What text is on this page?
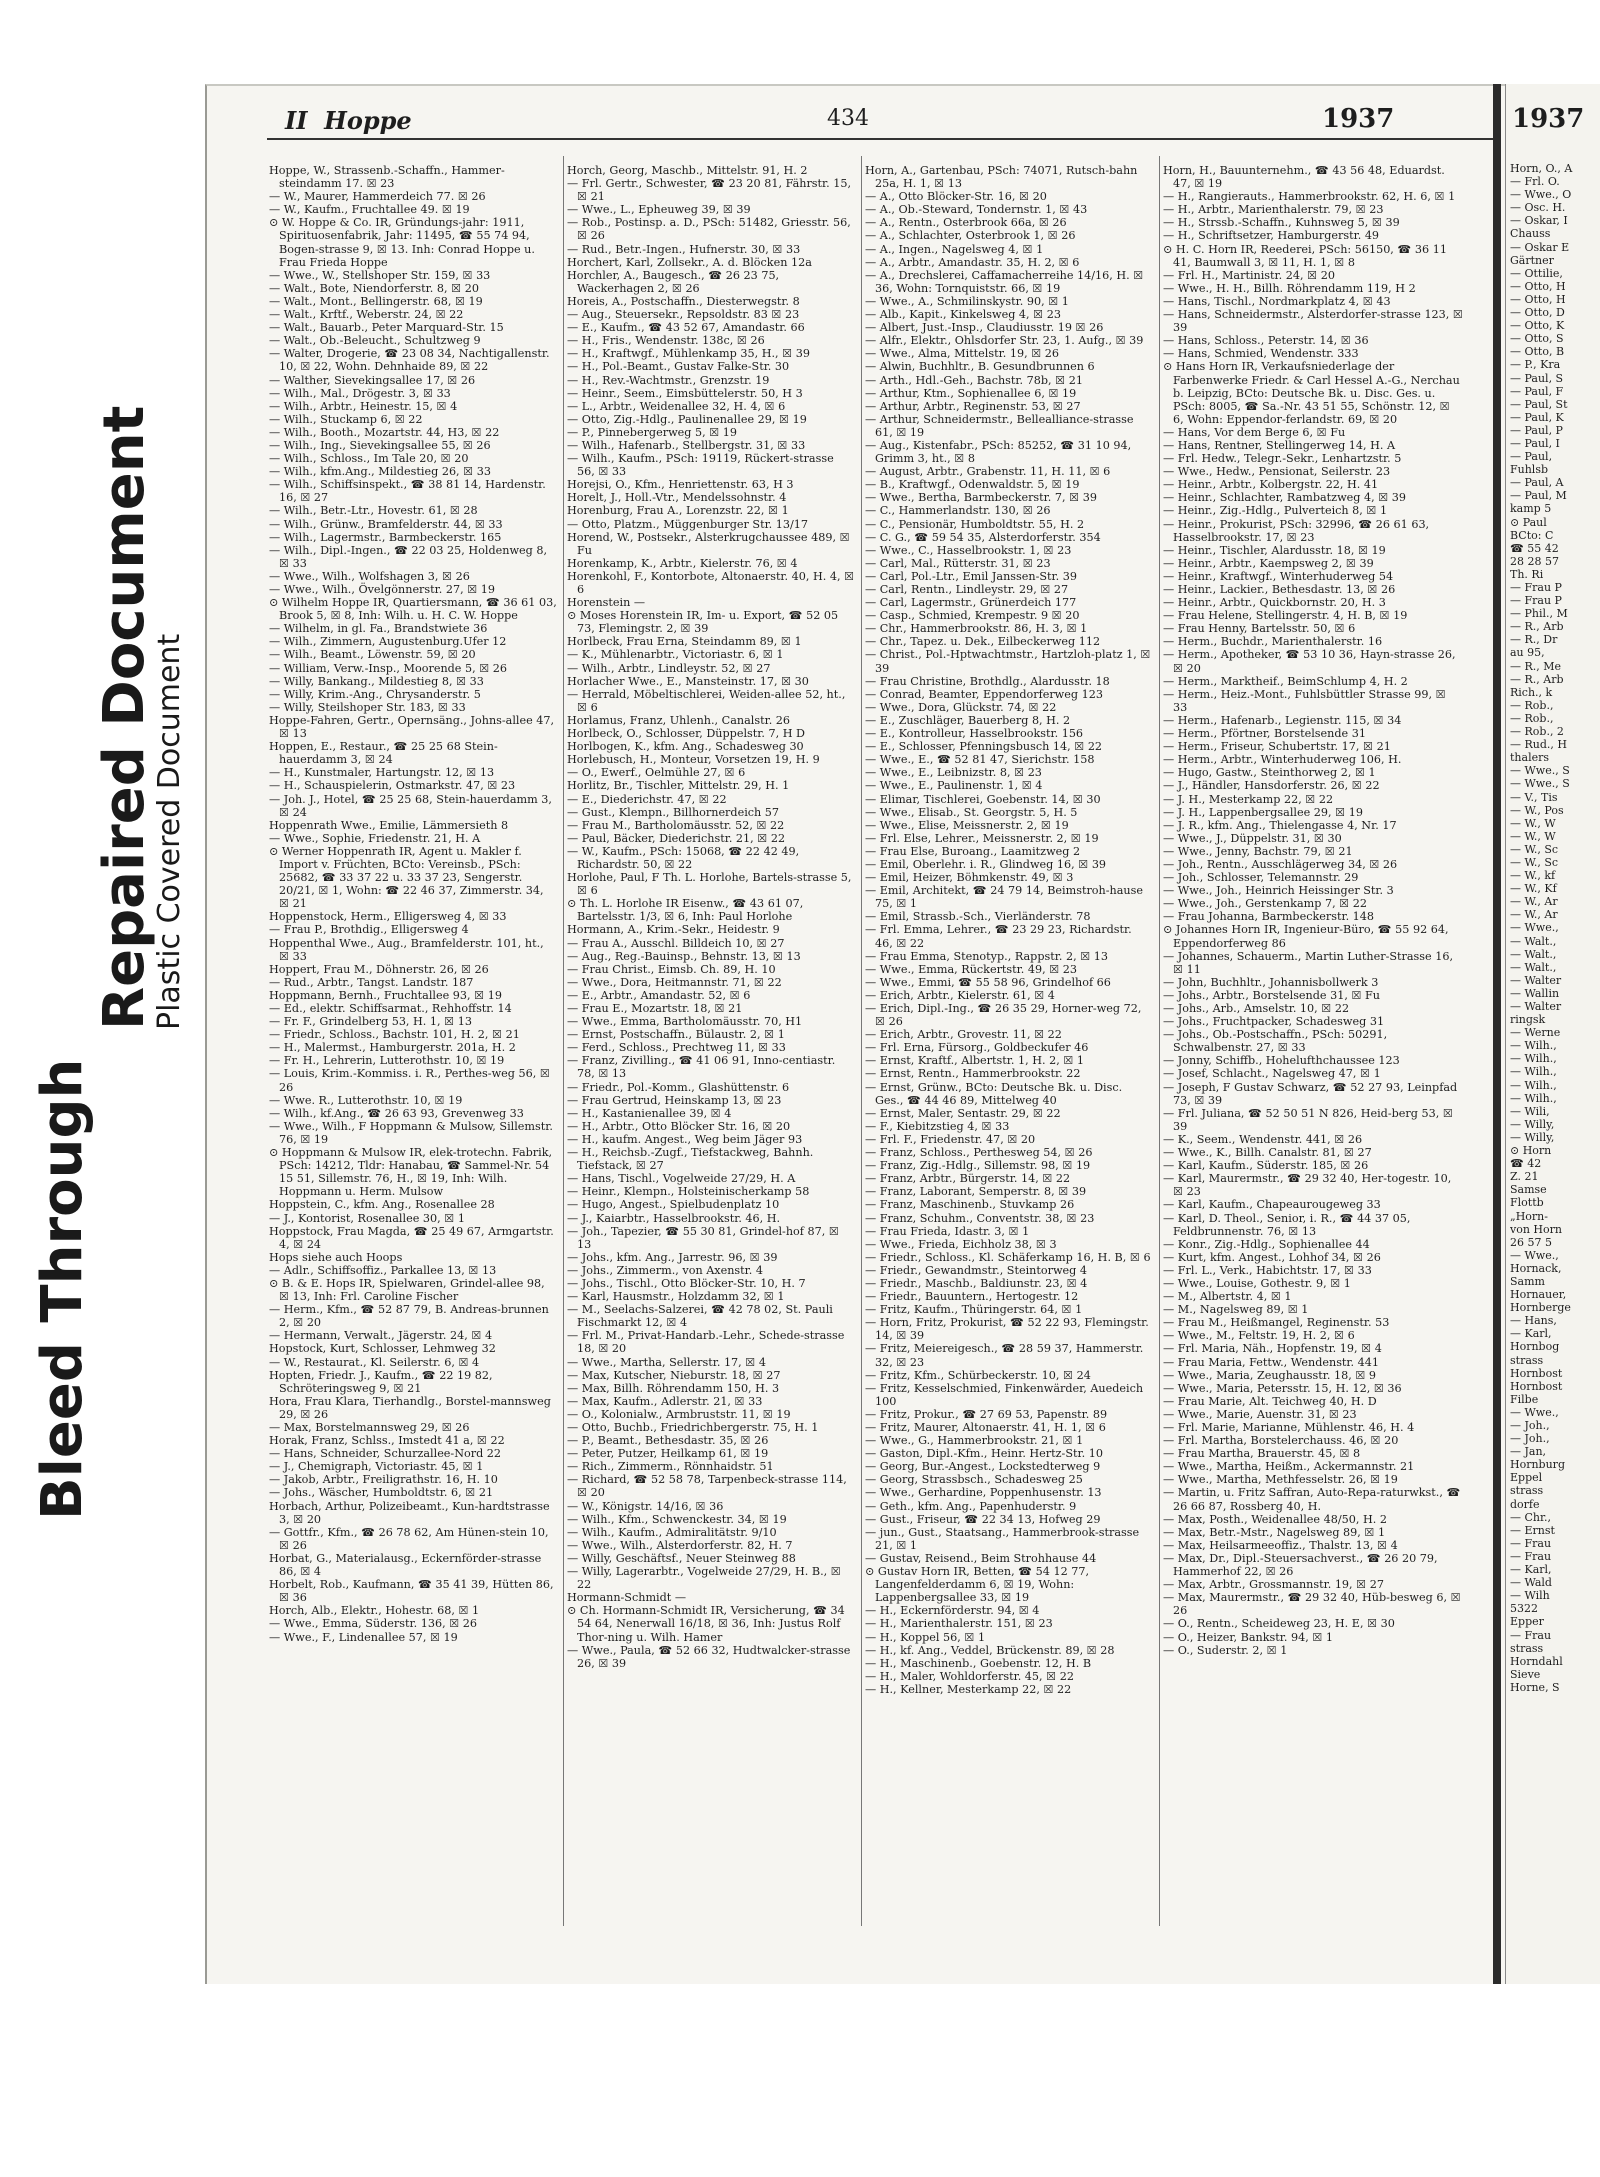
Bleed Through
Repaired Document
Plastic Covered Document
II Hoppe	434	1937
Hoppe, W., Strassenb.-Schaffn., Hammer-steindamm 17. ☒ 23
— W., Maurer, Hammerdeich 77. ☒ 26
— W., Kaufm., Fruchtallee 49. ☒ 19
⊙ W. Hoppe & Co. IR, Gründungs-jahr: 1911, Spirituosenfabrik, Jahr: 11495, ☎ 55 74 94, Bogen-strasse 9, ☒ 13. Inh: Conrad Hoppe u. Frau Frieda Hoppe
— Wwe., W., Stellshoper Str. 159, ☒ 33
— Walt., Bote, Niendorferstr. 8, ☒ 20
— Walt., Mont., Bellingerstr. 68, ☒ 19
— Walt., Krftf., Weberstr. 24, ☒ 22
— Walt., Bauarb., Peter Marquard-Str. 15
— Walt., Ob.-Beleucht., Schultzweg 9
— Walter, Drogerie, ☎ 23 08 34, Nachtigallenstr. 10, ☒ 22, Wohn. Dehnhaide 89, ☒ 22
— Walther, Sievekingsallee 17, ☒ 26
— Wilh., Mal., Drögestr. 3, ☒ 33
— Wilh., Arbtr., Heinestr. 15, ☒ 4
— Wilh., Stuckamp 6, ☒ 22
— Wilh., Booth., Mozartstr. 44, H3, ☒ 22
— Wilh., Ing., Sievekingsallee 55, ☒ 26
— Wilh., Schloss., Im Tale 20, ☒ 20
— Wilh., kfm.Ang., Mildestieg 26, ☒ 33
— Wilh., Schiffsinspekt., ☎ 38 81 14, Hardenstr. 16, ☒ 27
— Wilh., Betr.-Ltr., Hovestr. 61, ☒ 28
— Wilh., Grünw., Bramfelderstr. 44, ☒ 33
— Wilh., Lagermstr., Barmbeckerstr. 165
— Wilh., Dipl.-Ingen., ☎ 22 03 25, Holdenweg 8, ☒ 33
— Wwe., Wilh., Wolfshagen 3, ☒ 26
— Wwe., Wilh., Övelgönnerstr. 27, ☒ 19
⊙ Wilhelm Hoppe IR, Quartiersmann, ☎ 36 61 03, Brook 5, ☒ 8, Inh: Wilh. u. H. C. W. Hoppe
— Wilhelm, in gl. Fa., Brandstwiete 36
— Wilh., Zimmern, Augustenburg.Ufer 12
— Wilh., Beamt., Löwenstr. 59, ☒ 20
— William, Verw.-Insp., Moorende 5, ☒ 26
— Willy, Bankang., Mildestieg 8, ☒ 33
— Willy, Krim.-Ang., Chrysanderstr. 5
— Willy, Steilshoper Str. 183, ☒ 33
Hoppe-Fahren, Gertr., Opernsäng., Johns-allee 47, ☒ 13
Hoppen, E., Restaur., ☎ 25 25 68 Stein-hauerdamm 3, ☒ 24
— H., Kunstmaler, Hartungstr. 12, ☒ 13
— H., Schauspielerin, Ostmarkstr. 47, ☒ 23
— Joh. J., Hotel, ☎ 25 25 68, Stein-hauerdamm 3, ☒ 24
Hoppenrath Wwe., Emilie, Lämmersieth 8
— Wwe., Sophie, Friedenstr. 21, H. A
⊙ Werner Hoppenrath IR, Agent u. Makler f. Import v. Früchten, BCto: Vereinsb., PSch: 25682, ☎ 33 37 22 u. 33 37 23, Sengerstr. 20/21, ☒ 1, Wohn: ☎ 22 46 37, Zimmerstr. 34, ☒ 21
Hoppenstock, Herm., Elligersweg 4, ☒ 33
— Frau P., Brothdig., Elligersweg 4
Hoppenthal Wwe., Aug., Bramfelderstr. 101, ht., ☒ 33
Hoppert, Frau M., Döhnerstr. 26, ☒ 26
— Rud., Arbtr., Tangst. Landstr. 187
Hoppmann, Bernh., Fruchtallee 93, ☒ 19
— Ed., elektr. Schiffsarmat., Rehhoffstr. 14
— Fr. F., Grindelberg 53, H. 1, ☒ 13
— Friedr., Schloss., Bachstr. 101, H. 2, ☒ 21
— H., Malermst., Hamburgerstr. 201a, H. 2
— Fr. H., Lehrerin, Lutterothstr. 10, ☒ 19
— Louis, Krim.-Kommiss. i. R., Perthes-weg 56, ☒ 26
— Wwe. R., Lutterothstr. 10, ☒ 19
— Wilh., kf.Ang., ☎ 26 63 93, Grevenweg 33
— Wwe., Wilh., F Hoppmann & Mulsow, Sillemstr. 76, ☒ 19
⊙ Hoppmann & Mulsow IR, elek-trotechn. Fabrik, PSch: 14212, Tldr: Hanabau, ☎ Sammel-Nr. 54 15 51, Sillemstr. 76, H., ☒ 19, Inh: Wilh. Hoppmann u. Herm. Mulsow
Hoppstein, C., kfm. Ang., Rosenallee 28
— J., Kontorist, Rosenallee 30, ☒ 1
Hoppstock, Frau Magda, ☎ 25 49 67, Armgartstr. 4, ☒ 24
Hops siehe auch Hoops
— Adlr., Schiffsoffiz., Parkallee 13, ☒ 13
⊙ B. & E. Hops IR, Spielwaren, Grindel-allee 98, ☒ 13, Inh: Frl. Caroline Fischer
— Herm., Kfm., ☎ 52 87 79, B. Andreas-brunnen 2, ☒ 20
— Hermann, Verwalt., Jägerstr. 24, ☒ 4
Hopstock, Kurt, Schlosser, Lehmweg 32
— W., Restaurat., Kl. Seilerstr. 6, ☒ 4
Hopten, Friedr. J., Kaufm., ☎ 22 19 82, Schröteringsweg 9, ☒ 21
Hora, Frau Klara, Tierhandlg., Borstel-mannsweg 29, ☒ 26
— Max, Borstelmannsweg 29, ☒ 26
Horak, Franz, Schlss., Imstedt 41 a, ☒ 22
— Hans, Schneider, Schurzallee-Nord 22
— J., Chemigraph, Victoriastr. 45, ☒ 1
— Jakob, Arbtr., Freiligrathstr. 16, H. 10
— Johs., Wäscher, Humboldtstr. 6, ☒ 21
Horbach, Arthur, Polizeibeamt., Kun-hardtstrasse 3, ☒ 20
— Gottfr., Kfm., ☎ 26 78 62, Am Hünen-stein 10, ☒ 26
Horbat, G., Materialausg., Eckernförder-strasse 86, ☒ 4
Horbelt, Rob., Kaufmann, ☎ 35 41 39, Hütten 86, ☒ 36
Horch, Alb., Elektr., Hohestr. 68, ☒ 1
— Wwe., Emma, Süderstr. 136, ☒ 26
— Wwe., F., Lindenallee 57, ☒ 19
Horch, Georg, Maschb., Mittelstr. 91, H. 2
— Frl. Gertr., Schwester, ☎ 23 20 81, Fährstr. 15, ☒ 21
— Wwe., L., Epheuweg 39, ☒ 39
— Rob., Postinsp. a. D., PSch: 51482, Griesstr. 56, ☒ 26
— Rud., Betr.-Ingen., Hufnerstr. 30, ☒ 33
Horchert, Karl, Zollsekr., A. d. Blöcken 12a
Horchler, A., Baugesch., ☎ 26 23 75, Wackerhagen 2, ☒ 26
Horeis, A., Postschaffn., Diesterwegstr. 8
— Aug., Steuersekr., Repsoldstr. 83 ☒ 23
— E., Kaufm., ☎ 43 52 67, Amandastr. 66
— H., Fris., Wendenstr. 138c, ☒ 26
— H., Kraftwgf., Mühlenkamp 35, H., ☒ 39
— H., Pol.-Beamt., Gustav Falke-Str. 30
— H., Rev.-Wachtmstr., Grenzstr. 19
— Heinr., Seem., Eimsbüttelerstr. 50, H 3
— L., Arbtr., Weidenallee 32, H. 4, ☒ 6
— Otto, Zig.-Hdlg., Paulinenallee 29, ☒ 19
— P., Pinnebergerweg 5, ☒ 19
— Wilh., Hafenarb., Stellbergstr. 31, ☒ 33
— Wilh., Kaufm., PSch: 19119, Rückert-strasse 56, ☒ 33
Horejsi, O., Kfm., Henriettenstr. 63, H 3
Horelt, J., Holl.-Vtr., Mendelssohnstr. 4
Horenburg, Frau A., Lorenzstr. 22, ☒ 1
— Otto, Platzm., Müggenburger Str. 13/17
Horend, W., Postsekr., Alsterkrugchaussee 489, ☒ Fu
Horenkamp, K., Arbtr., Kielerstr. 76, ☒ 4
Horenkohl, F., Kontorbote, Altonaerstr. 40, H. 4, ☒ 6
Horenstein —
⊙ Moses Horenstein IR, Im- u. Export, ☎ 52 05 73, Flemingstr. 2, ☒ 39
Horlbeck, Frau Erna, Steindamm 89, ☒ 1
— K., Mühlenarbtr., Victoriastr. 6, ☒ 1
— Wilh., Arbtr., Lindleystr. 52, ☒ 27
Horlacher Wwe., E., Mansteinstr. 17, ☒ 30
— Herrald, Möbeltischlerei, Weiden-allee 52, ht., ☒ 6
Horlamus, Franz, Uhlenh., Canalstr. 26
Horlbeck, O., Schlosser, Düppelstr. 7, H D
Horlbogen, K., kfm. Ang., Schadesweg 30
Horlebusch, H., Monteur, Vorsetzen 19, H. 9
— O., Ewerf., Oelmühle 27, ☒ 6
Horlitz, Br., Tischler, Mittelstr. 29, H. 1
— E., Diederichstr. 47, ☒ 22
— Gust., Klempn., Billhornerdeich 57
— Frau M., Bartholomäusstr. 52, ☒ 22
— Paul, Bäcker, Diederichstr. 21, ☒ 22
— W., Kaufm., PSch: 15068, ☎ 22 42 49, Richardstr. 50, ☒ 22
Horlohe, Paul, F Th. L. Horlohe, Bartels-strasse 5, ☒ 6
⊙ Th. L. Horlohe IR Eisenw., ☎ 43 61 07, Bartelsstr. 1/3, ☒ 6, Inh: Paul Horlohe
Hormann, A., Krim.-Sekr., Heidestr. 9
— Frau A., Ausschl. Billdeich 10, ☒ 27
— Aug., Reg.-Bauinsp., Behnstr. 13, ☒ 13
— Frau Christ., Eimsb. Ch. 89, H. 10
— Wwe., Dora, Heitmannstr. 71, ☒ 22
— E., Arbtr., Amandastr. 52, ☒ 6
— Frau E., Mozartstr. 18, ☒ 21
— Wwe., Emma, Bartholomäusstr. 70, H1
— Ernst, Postschaffn., Bülaustr. 2, ☒ 1
— Ferd., Schloss., Prechtweg 11, ☒ 33
— Franz, Zivilling., ☎ 41 06 91, Inno-centiastr. 78, ☒ 13
— Friedr., Pol.-Komm., Glashüttenstr. 6
— Frau Gertrud, Heinskamp 13, ☒ 23
— H., Kastanienallee 39, ☒ 4
— H., Arbtr., Otto Blöcker Str. 16, ☒ 20
— H., kaufm. Angest., Weg beim Jäger 93
— H., Reichsb.-Zugf., Tiefstackweg, Bahnh. Tiefstack, ☒ 27
— Hans, Tischl., Vogelweide 27/29, H. A
— Heinr., Klempn., Holsteinischerkamp 58
— Hugo, Angest., Spielbudenplatz 10
— J., Kaiarbtr., Hasselbrookstr. 46, H.
— Joh., Tapezier, ☎ 55 30 81, Grindel-hof 87, ☒ 13
— Johs., kfm. Ang., Jarrestr. 96, ☒ 39
— Johs., Zimmerm., von Axenstr. 4
— Johs., Tischl., Otto Blöcker-Str. 10, H. 7
— Karl, Hausmstr., Holzdamm 32, ☒ 1
— M., Seelachs-Salzerei, ☎ 42 78 02, St. Pauli Fischmarkt 12, ☒ 4
— Frl. M., Privat-Handarb.-Lehr., Schede-strasse 18, ☒ 20
— Wwe., Martha, Sellerstr. 17, ☒ 4
— Max, Kutscher, Nieburstr. 18, ☒ 27
— Max, Billh. Röhrendamm 150, H. 3
— Max, Kaufm., Adlerstr. 21, ☒ 33
— O., Kolonialw., Armbruststr. 11, ☒ 19
— Otto, Buchb., Friedrichbergerstr. 75, H. 1
— P., Beamt., Bethesdastr. 35, ☒ 26
— Peter, Putzer, Heilkamp 61, ☒ 19
— Rich., Zimmerm., Rönnhaidstr. 51
— Richard, ☎ 52 58 78, Tarpenbeck-strasse 114, ☒ 20
— W., Königstr. 14/16, ☒ 36
— Wilh., Kfm., Schwenckestr. 34, ☒ 19
— Wilh., Kaufm., Admiralitätstr. 9/10
— Wwe., Wilh., Alsterdorferstr. 82, H. 7
— Willy, Geschäftsf., Neuer Steinweg 88
— Willy, Lagerarbtr., Vogelweide 27/29, H. B., ☒ 22
Hormann-Schmidt —
⊙ Ch. Hormann-Schmidt IR, Versicherung, ☎ 34 54 64, Nenerwall 16/18, ☒ 36, Inh: Justus Rolf Thor-ning u. Wilh. Hamer
— Wwe., Paula, ☎ 52 66 32, Hudtwalcker-strasse 26, ☒ 39
Horn, A., Gartenbau, PSch: 74071, Rutsch-bahn 25a, H. 1, ☒ 13
— A., Otto Blöcker-Str. 16, ☒ 20
— A., Ob.-Steward, Tondernstr. 1, ☒ 43
— A., Rentn., Osterbrook 66a, ☒ 26
— A., Schlachter, Osterbrook 1, ☒ 26
— A., Ingen., Nagelsweg 4, ☒ 1
— A., Arbtr., Amandastr. 35, H. 2, ☒ 6
— A., Drechslerei, Caffamacherreihe 14/16, H. ☒ 36, Wohn: Tornquiststr. 66, ☒ 19
— Wwe., A., Schmilinskystr. 90, ☒ 1
— Alb., Kapit., Kinkelsweg 4, ☒ 23
— Albert, Just.-Insp., Claudiusstr. 19 ☒ 26
— Alfr., Elektr., Ohlsdorfer Str. 23, 1. Aufg., ☒ 39
— Wwe., Alma, Mittelstr. 19, ☒ 26
— Alwin, Buchhltr., B. Gesundbrunnen 6
— Arth., Hdl.-Geh., Bachstr. 78b, ☒ 21
— Arthur, Ktm., Sophienallee 6, ☒ 19
— Arthur, Arbtr., Reginenstr. 53, ☒ 27
— Arthur, Schneidermstr., Bellealliance-strasse 61, ☒ 19
— Aug., Kistenfabr., PSch: 85252, ☎ 31 10 94, Grimm 3, ht., ☒ 8
— August, Arbtr., Grabenstr. 11, H. 11, ☒ 6
— B., Kraftwgf., Odenwaldstr. 5, ☒ 19
— Wwe., Bertha, Barmbeckerstr. 7, ☒ 39
— C., Hammerlandstr. 130, ☒ 26
— C., Pensionär, Humboldtstr. 55, H. 2
— C. G., ☎ 59 54 35, Alsterdorferstr. 354
— Wwe., C., Hasselbrookstr. 1, ☒ 23
— Carl, Mal., Rütterstr. 31, ☒ 23
— Carl, Pol.-Ltr., Emil Janssen-Str. 39
— Carl, Rentn., Lindleystr. 29, ☒ 27
— Carl, Lagermstr., Grünerdeich 177
— Casp., Schmied, Krempestr. 9 ☒ 20
— Chr., Hammerbrookstr. 86, H. 3, ☒ 1
— Chr., Tapez. u. Dek., Eilbeckerweg 112
— Christ., Pol.-Hptwachtmstr., Hartzloh-platz 1, ☒ 39
— Frau Christine, Brothdlg., Alardusstr. 18
— Conrad, Beamter, Eppendorferweg 123
— Wwe., Dora, Glückstr. 74, ☒ 22
— E., Zuschläger, Bauerberg 8, H. 2
— E., Kontrolleur, Hasselbrookstr. 156
— E., Schlosser, Pfenningsbusch 14, ☒ 22
— Wwe., E., ☎ 52 81 47, Sierichstr. 158
— Wwe., E., Leibnizstr. 8, ☒ 23
— Wwe., E., Paulinenstr. 1, ☒ 4
— Elimar, Tischlerei, Goebenstr. 14, ☒ 30
— Wwe., Elisab., St. Georgstr. 5, H. 5
— Wwe., Elise, Meissnerstr. 2, ☒ 19
— Frl. Else, Lehrer., Meissnerstr. 2, ☒ 19
— Frau Else, Buroang., Laamitzweg 2
— Emil, Oberlehr. i. R., Glindweg 16, ☒ 39
— Emil, Heizer, Böhmkenstr. 49, ☒ 3
— Emil, Architekt, ☎ 24 79 14, Beimstroh-hause 75, ☒ 1
— Emil, Strassb.-Sch., Vierländerstr. 78
— Frl. Emma, Lehrer., ☎ 23 29 23, Richardstr. 46, ☒ 22
— Frau Emma, Stenotyp., Rappstr. 2, ☒ 13
— Wwe., Emma, Rückertstr. 49, ☒ 23
— Wwe., Emmi, ☎ 55 58 96, Grindelhof 66
— Erich, Arbtr., Kielerstr. 61, ☒ 4
— Erich, Dipl.-Ing., ☎ 26 35 29, Horner-weg 72, ☒ 26
— Erich, Arbtr., Grovestr. 11, ☒ 22
— Frl. Erna, Fürsorg., Goldbeckufer 46
— Ernst, Kraftf., Albertstr. 1, H. 2, ☒ 1
— Ernst, Rentn., Hammerbrookstr. 22
— Ernst, Grünw., BCto: Deutsche Bk. u. Disc. Ges., ☎ 44 46 89, Mittelweg 40
— Ernst, Maler, Sentastr. 29, ☒ 22
— F., Kiebitzstieg 4, ☒ 33
— Frl. F., Friedenstr. 47, ☒ 20
— Franz, Schloss., Perthesweg 54, ☒ 26
— Franz, Zig.-Hdlg., Sillemstr. 98, ☒ 19
— Franz, Arbtr., Bürgerstr. 14, ☒ 22
— Franz, Laborant, Semperstr. 8, ☒ 39
— Franz, Maschinenb., Stuvkamp 26
— Franz, Schuhm., Conventstr. 38, ☒ 23
— Frau Frieda, Idastr. 3, ☒ 1
— Wwe., Frieda, Eichholz 38, ☒ 3
— Friedr., Schloss., Kl. Schäferkamp 16, H. B, ☒ 6
— Friedr., Gewandmstr., Steintorweg 4
— Friedr., Maschb., Baldiunstr. 23, ☒ 4
— Friedr., Bauuntern., Hertogestr. 12
— Fritz, Kaufm., Thüringerstr. 64, ☒ 1
— Horn, Fritz, Prokurist, ☎ 52 22 93, Flemingstr. 14, ☒ 39
— Fritz, Meiereigesch., ☎ 28 59 37, Hammerstr. 32, ☒ 23
— Fritz, Kfm., Schürbeckerstr. 10, ☒ 24
— Fritz, Kesselschmied, Finkenwärder, Auedeich 100
— Fritz, Prokur., ☎ 27 69 53, Papenstr. 89
— Fritz, Maurer, Altonaerstr. 41, H. 1, ☒ 6
— Wwe., G., Hammerbrookstr. 21, ☒ 1
— Gaston, Dipl.-Kfm., Heinr. Hertz-Str. 10
— Georg, Bur.-Angest., Lockstedterweg 9
— Georg, Strassbsch., Schadesweg 25
— Wwe., Gerhardine, Poppenhusenstr. 13
— Geth., kfm. Ang., Papenhuderstr. 9
— Gust., Friseur, ☎ 22 34 13, Hofweg 29
— jun., Gust., Staatsang., Hammerbrook-strasse 21, ☒ 1
— Gustav, Reisend., Beim Strohhause 44
⊙ Gustav Horn IR, Betten, ☎ 54 12 77, Langenfelderdamm 6, ☒ 19, Wohn: Lappenbergsallee 33, ☒ 19
— H., Eckernförderstr. 94, ☒ 4
— H., Marienthalerstr. 151, ☒ 23
— H., Koppel 56, ☒ 1
— H., kf. Ang., Veddel, Brückenstr. 89, ☒ 28
— H., Maschinenb., Goebenstr. 12, H. B
— H., Maler, Wohldorferstr. 45, ☒ 22
— H., Kellner, Mesterkamp 22, ☒ 22
Horn, H., Bauunternehm., ☎ 43 56 48, Eduardst. 47, ☒ 19
— H., Rangierauts., Hammerbrookstr. 62, H. 6, ☒ 1
— H., Arbtr., Marienthalerstr. 79, ☒ 23
— H., Strssb.-Schaffn., Kuhnsweg 5, ☒ 39
— H., Schriftsetzer, Hamburgerstr. 49
⊙ H. C. Horn IR, Reederei, PSch: 56150, ☎ 36 11 41, Baumwall 3, ☒ 11, H. 1, ☒ 8
— Frl. H., Martinistr. 24, ☒ 20
— Wwe., H. H., Billh. Röhrendamm 119, H 2
— Hans, Tischl., Nordmarkplatz 4, ☒ 43
— Hans, Schneidermstr., Alsterdorfer-strasse 123, ☒ 39
— Hans, Schloss., Peterstr. 14, ☒ 36
— Hans, Schmied, Wendenstr. 333
⊙ Hans Horn IR, Verkaufsniederlage der Farbenwerke Friedr. & Carl Hessel A.-G., Nerchau b. Leipzig, BCto: Deutsche Bk. u. Disc. Ges. u. PSch: 8005, ☎ Sa.-Nr. 43 51 55, Schönstr. 12, ☒ 6, Wohn: Eppendor-ferlandstr. 69, ☒ 20
— Hans, Vor dem Berge 6, ☒ Fu
— Hans, Rentner, Stellingerweg 14, H. A
— Frl. Hedw., Telegr.-Sekr., Lenhartzstr. 5
— Wwe., Hedw., Pensionat, Seilerstr. 23
— Heinr., Arbtr., Kolbergstr. 22, H. 41
— Heinr., Schlachter, Rambatzweg 4, ☒ 39
— Heinr., Zig.-Hdlg., Pulverteich 8, ☒ 1
— Heinr., Prokurist, PSch: 32996, ☎ 26 61 63, Hasselbrookstr. 17, ☒ 23
— Heinr., Tischler, Alardusstr. 18, ☒ 19
— Heinr., Arbtr., Kaempsweg 2, ☒ 39
— Heinr., Kraftwgf., Winterhuderweg 54
— Heinr., Lackier., Bethesdastr. 13, ☒ 26
— Heinr., Arbtr., Quickbornstr. 20, H. 3
— Frau Helene, Stellingerstr. 4, H. B, ☒ 19
— Frau Henny, Bartelsstr. 50, ☒ 6
— Herm., Buchdr., Marienthalerstr. 16
— Herm., Apotheker, ☎ 53 10 36, Hayn-strasse 26, ☒ 20
— Herm., Marktheif., BeimSchlump 4, H. 2
— Herm., Heiz.-Mont., Fuhlsbüttler Strasse 99, ☒ 33
— Herm., Hafenarb., Legienstr. 115, ☒ 34
— Herm., Pförtner, Borstelsende 31
— Herm., Friseur, Schubertstr. 17, ☒ 21
— Herm., Arbtr., Winterhuderweg 106, H.
— Hugo, Gastw., Steinthorweg 2, ☒ 1
— J., Händler, Hansdorferstr. 26, ☒ 22
— J. H., Mesterkamp 22, ☒ 22
— J. H., Lappenbergsallee 29, ☒ 19
— J. R., kfm. Ang., Thielengasse 4, Nr. 17
— Wwe., J., Düppelstr. 31, ☒ 30
— Wwe., Jenny, Bachstr. 79, ☒ 21
— Joh., Rentn., Ausschlägerweg 34, ☒ 26
— Joh., Schlosser, Telemannstr. 29
— Wwe., Joh., Heinrich Heissinger Str. 3
— Wwe., Joh., Gerstenkamp 7, ☒ 22
— Frau Johanna, Barmbeckerstr. 148
⊙ Johannes Horn IR, Ingenieur-Büro, ☎ 55 92 64, Eppendorferweg 86
— Johannes, Schauerm., Martin Luther-Strasse 16, ☒ 11
— John, Buchhltr., Johannisbollwerk 3
— Johs., Arbtr., Borstelsende 31, ☒ Fu
— Johs., Arb., Amselstr. 10, ☒ 22
— Johs., Fruchtpacker, Schadesweg 31
— Johs., Ob.-Postschaffn., PSch: 50291, Schwalbenstr. 27, ☒ 33
— Jonny, Schiffb., Hohelufthchaussee 123
— Josef, Schlacht., Nagelsweg 47, ☒ 1
— Joseph, F Gustav Schwarz, ☎ 52 27 93, Leinpfad 73, ☒ 39
— Frl. Juliana, ☎ 52 50 51 N 826, Heid-berg 53, ☒ 39
— K., Seem., Wendenstr. 441, ☒ 26
— Wwe., K., Billh. Canalstr. 81, ☒ 27
— Karl, Kaufm., Süderstr. 185, ☒ 26
— Karl, Maurermstr., ☎ 29 32 40, Her-togestr. 10, ☒ 23
— Karl, Kaufm., Chapeaurougeweg 33
— Karl, D. Theol., Senior, i. R., ☎ 44 37 05, Feldbrunnenstr. 76, ☒ 13
— Konr., Zig.-Hdlg., Sophienallee 44
— Kurt, kfm. Angest., Lohhof 34, ☒ 26
— Frl. L., Verk., Habichtstr. 17, ☒ 33
— Wwe., Louise, Gothestr. 9, ☒ 1
— M., Albertstr. 4, ☒ 1
— M., Nagelsweg 89, ☒ 1
— Frau M., Heißmangel, Reginenstr. 53
— Wwe., M., Feltstr. 19, H. 2, ☒ 6
— Frl. Maria, Näh., Hopfenstr. 19, ☒ 4
— Frau Maria, Fettw., Wendenstr. 441
— Wwe., Maria, Zeughausstr. 18, ☒ 9
— Wwe., Maria, Petersstr. 15, H. 12, ☒ 36
— Frau Marie, Alt. Teichweg 40, H. D
— Wwe., Marie, Auenstr. 31, ☒ 23
— Frl. Marie, Marianne, Mühlenstr. 46, H. 4
— Frl. Martha, Borstelerchauss. 46, ☒ 20
— Frau Martha, Brauerstr. 45, ☒ 8
— Wwe., Martha, Heißm., Ackermannstr. 21
— Wwe., Martha, Methfesselstr. 26, ☒ 19
— Martin, u. Fritz Saffran, Auto-Repa-raturwkst., ☎ 26 66 87, Rossberg 40, H.
— Max, Posth., Weidenallee 48/50, H. 2
— Max, Betr.-Mstr., Nagelsweg 89, ☒ 1
— Max, Heilsarmeeoffiz., Thalstr. 13, ☒ 4
— Max, Dr., Dipl.-Steuersachverst., ☎ 26 20 79, Hammerhof 22, ☒ 26
— Max, Arbtr., Grossmannstr. 19, ☒ 27
— Max, Maurermstr., ☎ 29 32 40, Hüb-besweg 6, ☒ 26
— O., Rentn., Scheideweg 23, H. E, ☒ 30
— O., Heizer, Bankstr. 94, ☒ 1
— O., Suderstr. 2, ☒ 1
1937
Horn, O., A
— Frl. O.
— Wwe., O
— Osc. H.
— Oskar, I
Chauss
— Oskar E
Gärtner
— Ottilie,
— Otto, H
— Otto, H
— Otto, D
— Otto, K
— Otto, S
— Otto, B
— P., Kra
— Paul, S
— Paul, F
— Paul, St
— Paul, K
— Paul, P
— Paul, I
— Paul,
Fuhlsb
— Paul, A
— Paul, M
kamp 5
⊙ Paul
BCto: C
☎ 55 42
28 28 57
Th. Ri
— Frau P
— Frau P
— Phil., M
— R., Arb
— R., Dr
au 95,
— R., Me
— R., Arb
Rich., k
— Rob.,
— Rob.,
— Rob., 2
— Rud., H
thalers
— Wwe., S
— Wwe., S
— V., Tis
— W., Pos
— W., W
— W., W
— W., Sc
— W., Sc
— W., kf
— W., Kf
— W., Ar
— W., Ar
— Wwe.,
— Walt.,
— Walt.,
— Walt.,
— Walter
— Wallin
— Walter
ringsk
— Werne
— Wilh.,
— Wilh.,
— Wilh.,
— Wilh.,
— Wilh.,
— Wili,
— Willy,
— Willy,
⊙ Horn
☎ 42
Z. 21
Samse
Flottb
„Horn-
von Horn
26 57 5
— Wwe.,
Hornack,
Samm
Hornauer,
Hornberge
— Hans,
— Karl,
Hornbog
strass
Hornbost
Hornbost
Filbe
— Wwe.,
— Joh.,
— Joh.,
— Jan,
Hornburg
Eppel
strass
dorfe
— Chr.,
— Ernst
— Frau
— Frau
— Karl,
— Wald
— Wilh
5322
Epper
— Frau
strass
Horndahl
Sieve
Horne, S
